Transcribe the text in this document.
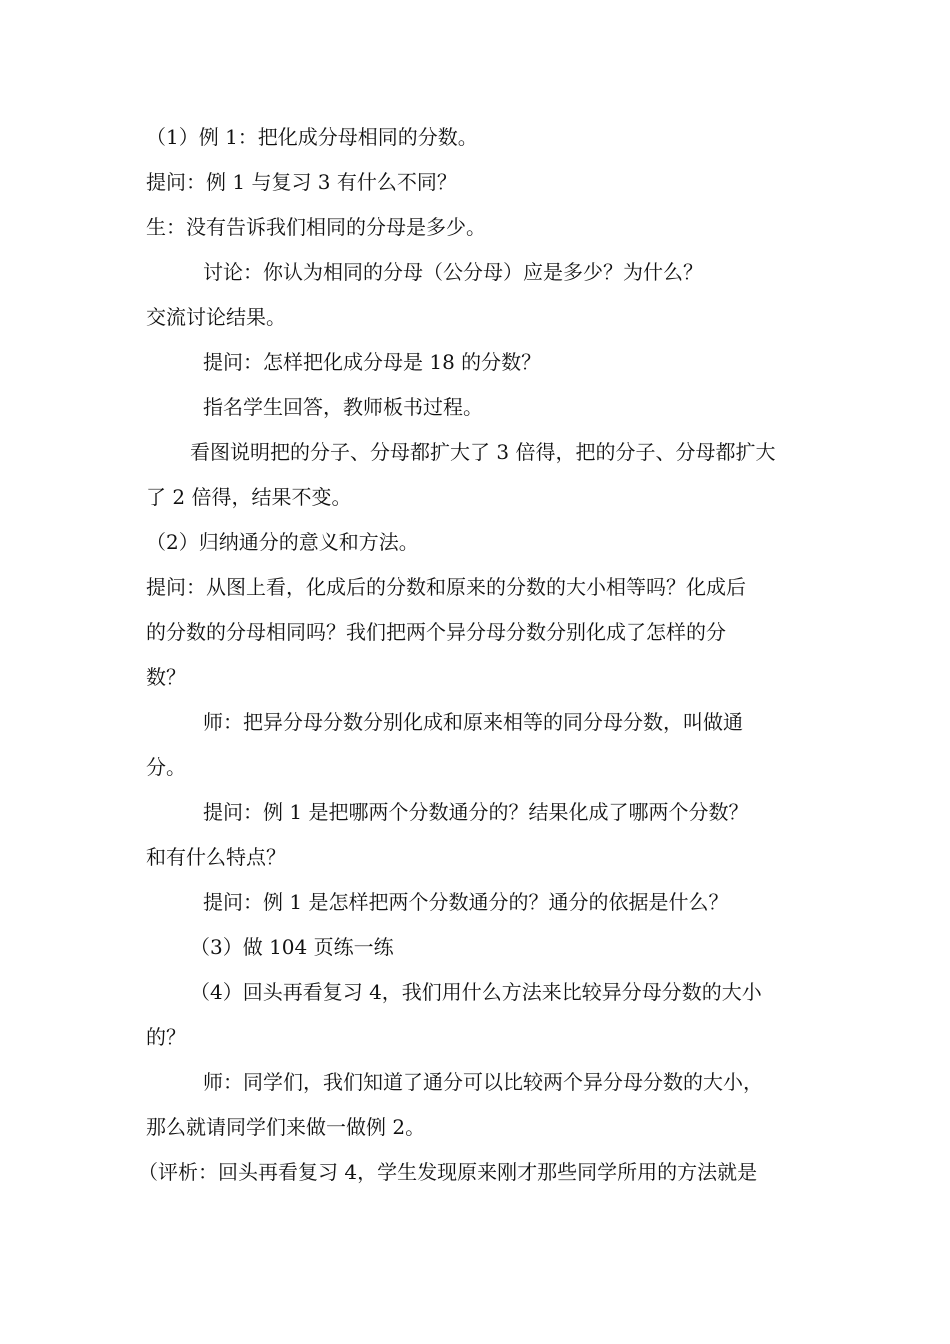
（1）例 1：把化成分母相同的分数。
提问：例 1 与复习 3 有什么不同？
生：没有告诉我们相同的分母是多少。
讨论：你认为相同的分母（公分母）应是多少？为什么？
交流讨论结果。
提问：怎样把化成分母是 18 的分数？
指名学生回答，教师板书过程。
看图说明把的分子、分母都扩大了 3 倍得，把的分子、分母都扩大
了 2 倍得，结果不变。
（2）归纳通分的意义和方法。
提问：从图上看，化成后的分数和原来的分数的大小相等吗？化成后
的分数的分母相同吗？我们把两个异分母分数分别化成了怎样的分
数？
师：把异分母分数分别化成和原来相等的同分母分数，叫做通
分。
提问：例 1 是把哪两个分数通分的？结果化成了哪两个分数？
和有什么特点？
提问：例 1 是怎样把两个分数通分的？通分的依据是什么？
（3）做 104 页练一练
（4）回头再看复习 4，我们用什么方法来比较异分母分数的大小
的？
师：同学们，我们知道了通分可以比较两个异分母分数的大小，
那么就请同学们来做一做例 2。
（评析：回头再看复习 4，学生发现原来刚才那些同学所用的方法就是
